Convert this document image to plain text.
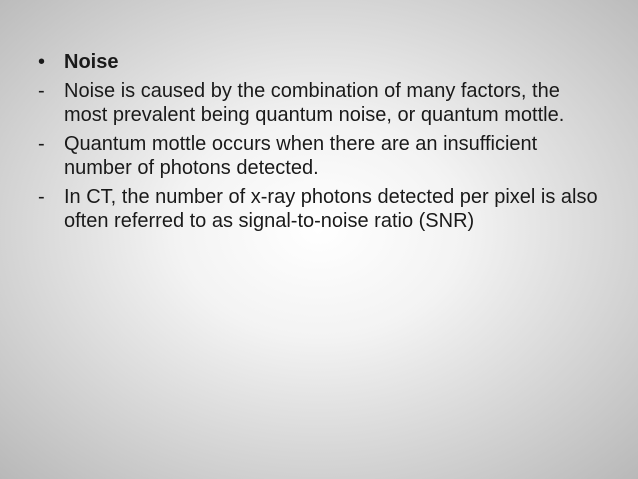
• Noise
- Noise is caused by the combination of many factors, the most prevalent being quantum noise, or quantum mottle.
- Quantum mottle occurs when there are an insufficient number of photons detected.
- In CT, the number of x-ray photons detected per pixel is also often referred to as signal-to-noise ratio (SNR)
